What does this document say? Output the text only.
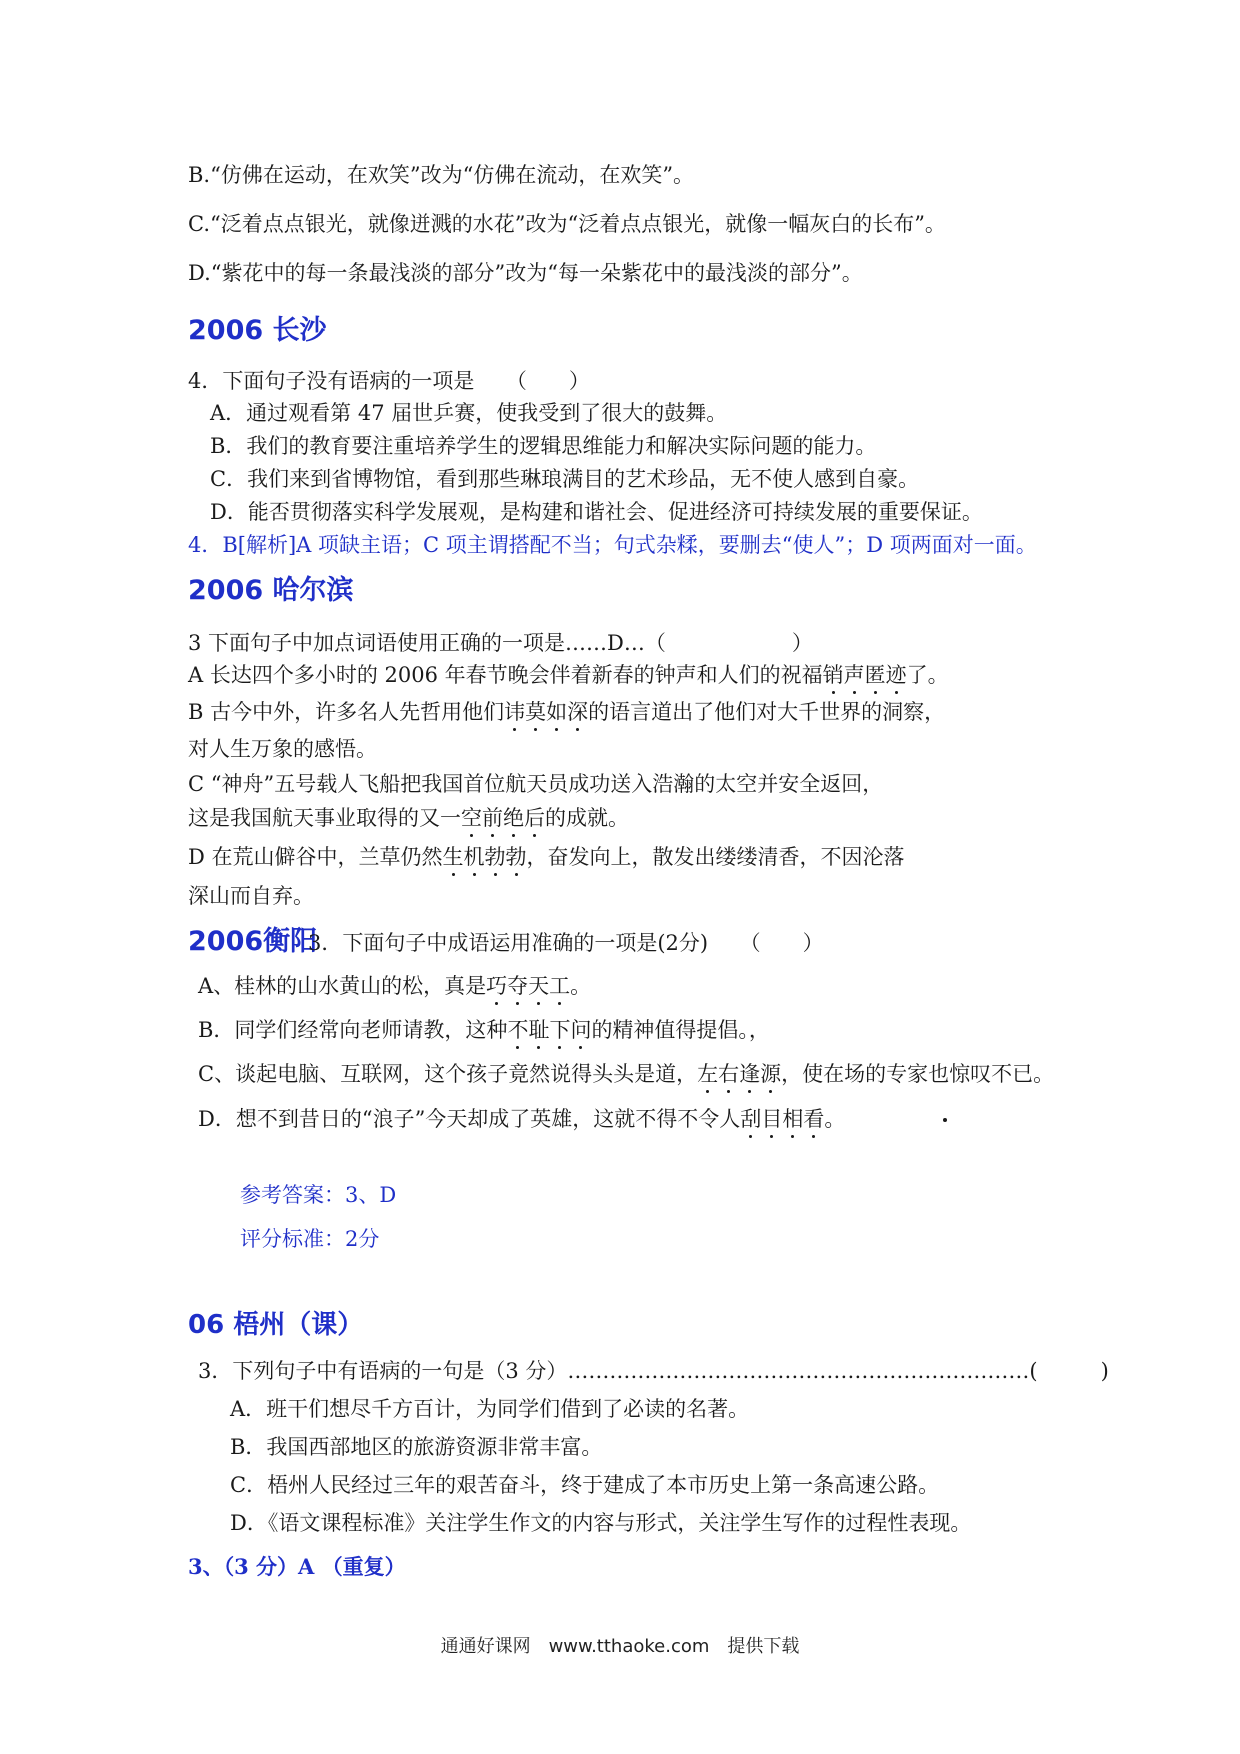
B.“仿佛在运动，在欢笑”改为“仿佛在流动，在欢笑”。
C.“泛着点点银光，就像迸溅的水花”改为“泛着点点银光，就像一幅灰白的长布”。
D.“紫花中的每一条最浅淡的部分”改为“每一朵紫花中的最浅淡的部分”。
2006 长沙
4．下面句子没有语病的一项是　　（　　）
A．通过观看第 47 届世乒赛，使我受到了很大的鼓舞。
B．我们的教育要注重培养学生的逻辑思维能力和解决实际问题的能力。
C．我们来到省博物馆，看到那些琳琅满目的艺术珍品，无不使人感到自豪。
D．能否贯彻落实科学发展观，是构建和谐社会、促进经济可持续发展的重要保证。
4．B[解析]A 项缺主语；C 项主谓搭配不当；句式杂糅，要删去“使人”；D 项两面对一面。
2006 哈尔滨
3 下面句子中加点词语使用正确的一项是……D…（　　　　　　）
A 长达四个多小时的 2006 年春节晚会伴着新春的钟声和人们的祝福销声匿迹了。
B 古今中外，许多名人先哲用他们讳莫如深的语言道出了他们对大千世界的洞察，
对人生万象的感悟。
C “神舟”五号载人飞船把我国首位航天员成功送入浩瀚的太空并安全返回，
这是我国航天事业取得的又一空前绝后的成就。
D 在荒山僻谷中，兰草仍然生机勃勃，奋发向上，散发出缕缕清香，不因沦落
深山而自弃。
2006衡阳
3．下面句子中成语运用准确的一项是(2分)　　（　　）
A、桂林的山水黄山的松，真是巧夺天工。
B．同学们经常向老师请教，这种不耻下问的精神值得提倡。，
C、谈起电脑、互联网，这个孩子竟然说得头头是道，左右逢源，使在场的专家也惊叹不已。
D．想不到昔日的“浪子”今天却成了英雄，这就不得不令人刮目相看。
参考答案：3、D
评分标准：2分
06 梧州（课）
3．下列句子中有语病的一句是（3 分）…………………………………………………………(　　　)
A．班干们想尽千方百计，为同学们借到了必读的名著。
B．我国西部地区的旅游资源非常丰富。
C．梧州人民经过三年的艰苦奋斗，终于建成了本市历史上第一条高速公路。
D．《语文课程标准》关注学生作文的内容与形式，关注学生写作的过程性表现。
3、（3 分）A （重复）
通通好课网　www.tthaoke.com　提供下载
